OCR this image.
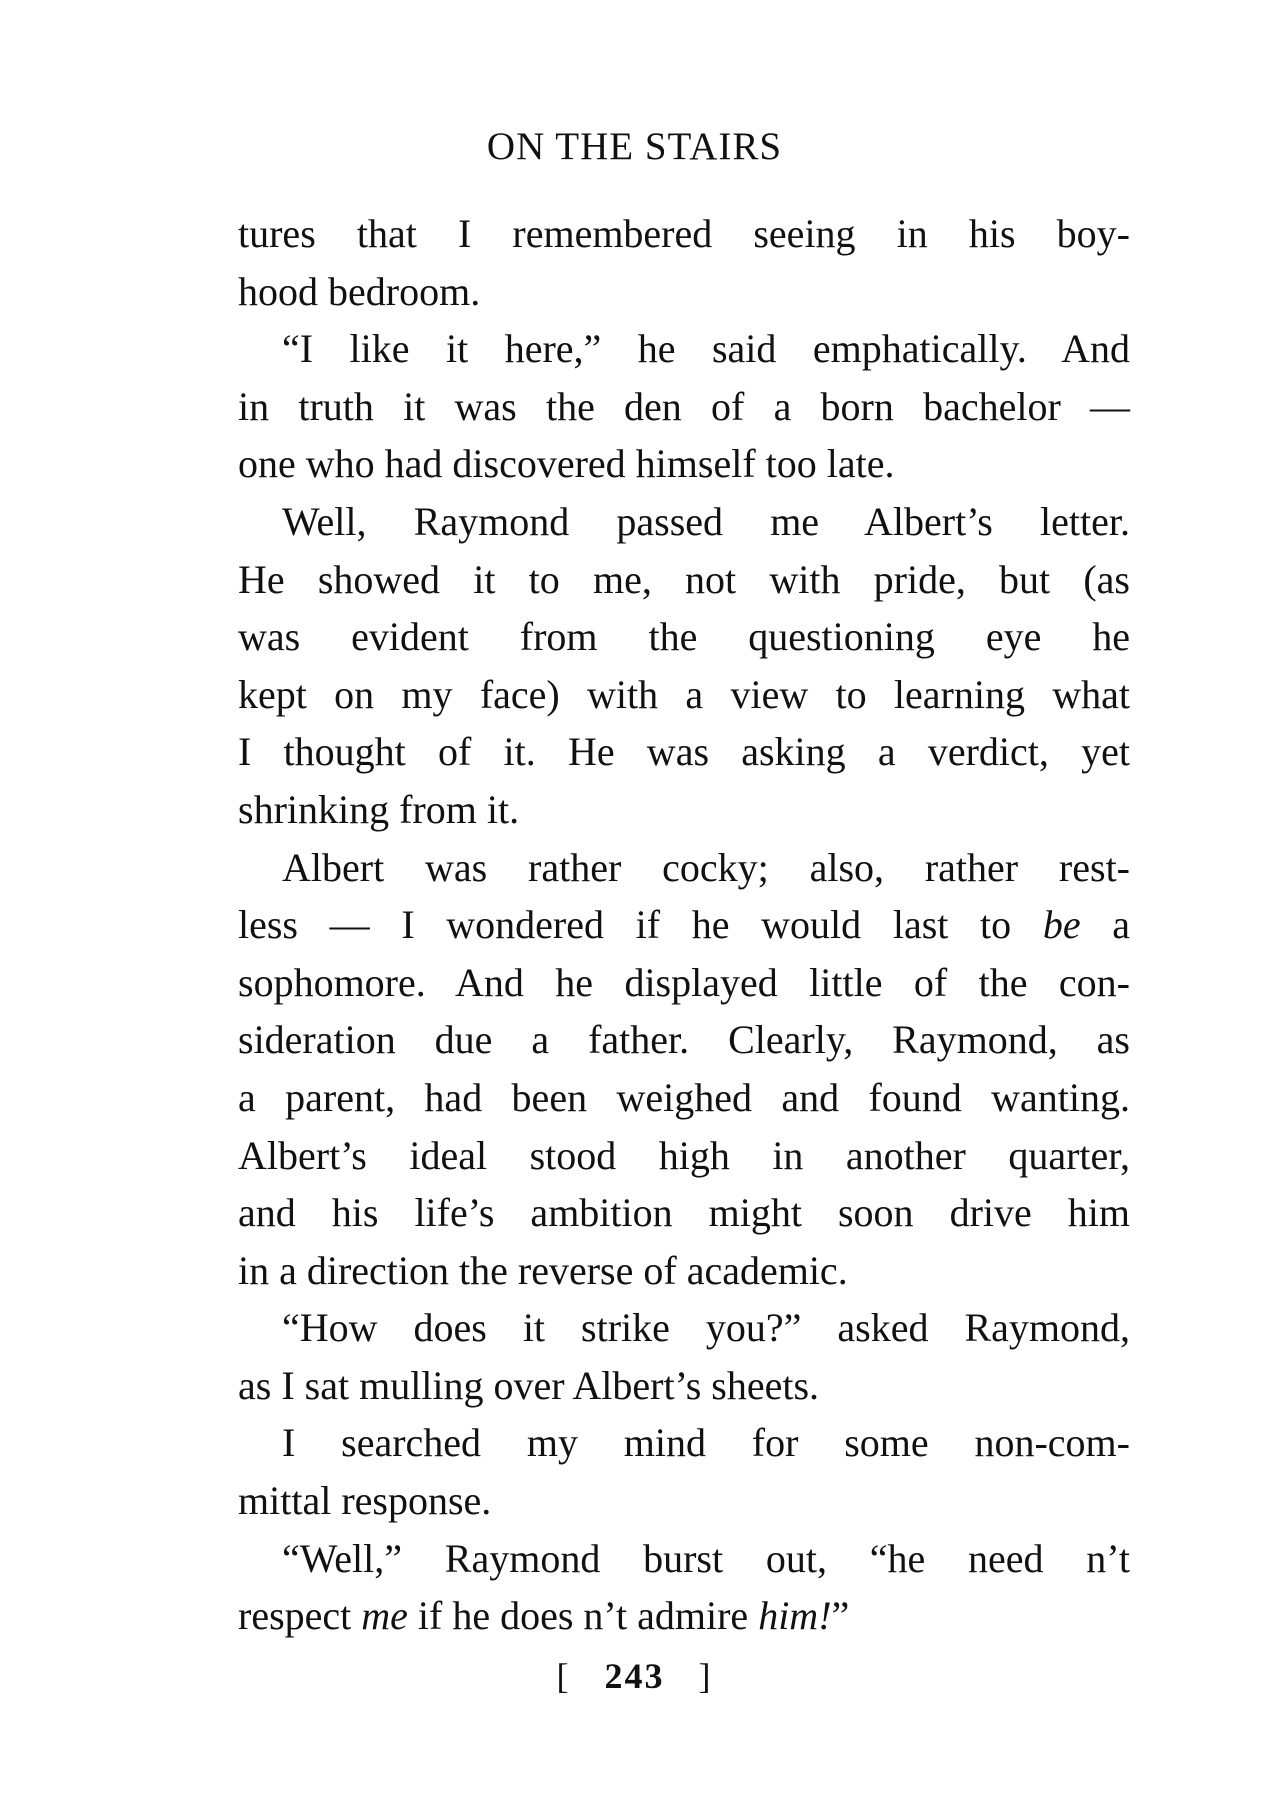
ON THE STAIRS
tures that I remembered seeing in his boy-
hood bedroom.
“I like it here,” he said emphatically. And
in truth it was the den of a born bachelor —
one who had discovered himself too late.
Well, Raymond passed me Albert’s letter.
He showed it to me, not with pride, but (as
was evident from the questioning eye he
kept on my face) with a view to learning what
I thought of it. He was asking a verdict, yet
shrinking from it.
Albert was rather cocky; also, rather rest-
less — I wondered if he would last to be a
sophomore. And he displayed little of the con-
sideration due a father. Clearly, Raymond, as
a parent, had been weighed and found wanting.
Albert’s ideal stood high in another quarter,
and his life’s ambition might soon drive him
in a direction the reverse of academic.
“How does it strike you?” asked Raymond,
as I sat mulling over Albert’s sheets.
I searched my mind for some non-com-
mittal response.
“Well,” Raymond burst out, “he need n’t
respect me if he does n’t admire him!”
[ 243 ]
